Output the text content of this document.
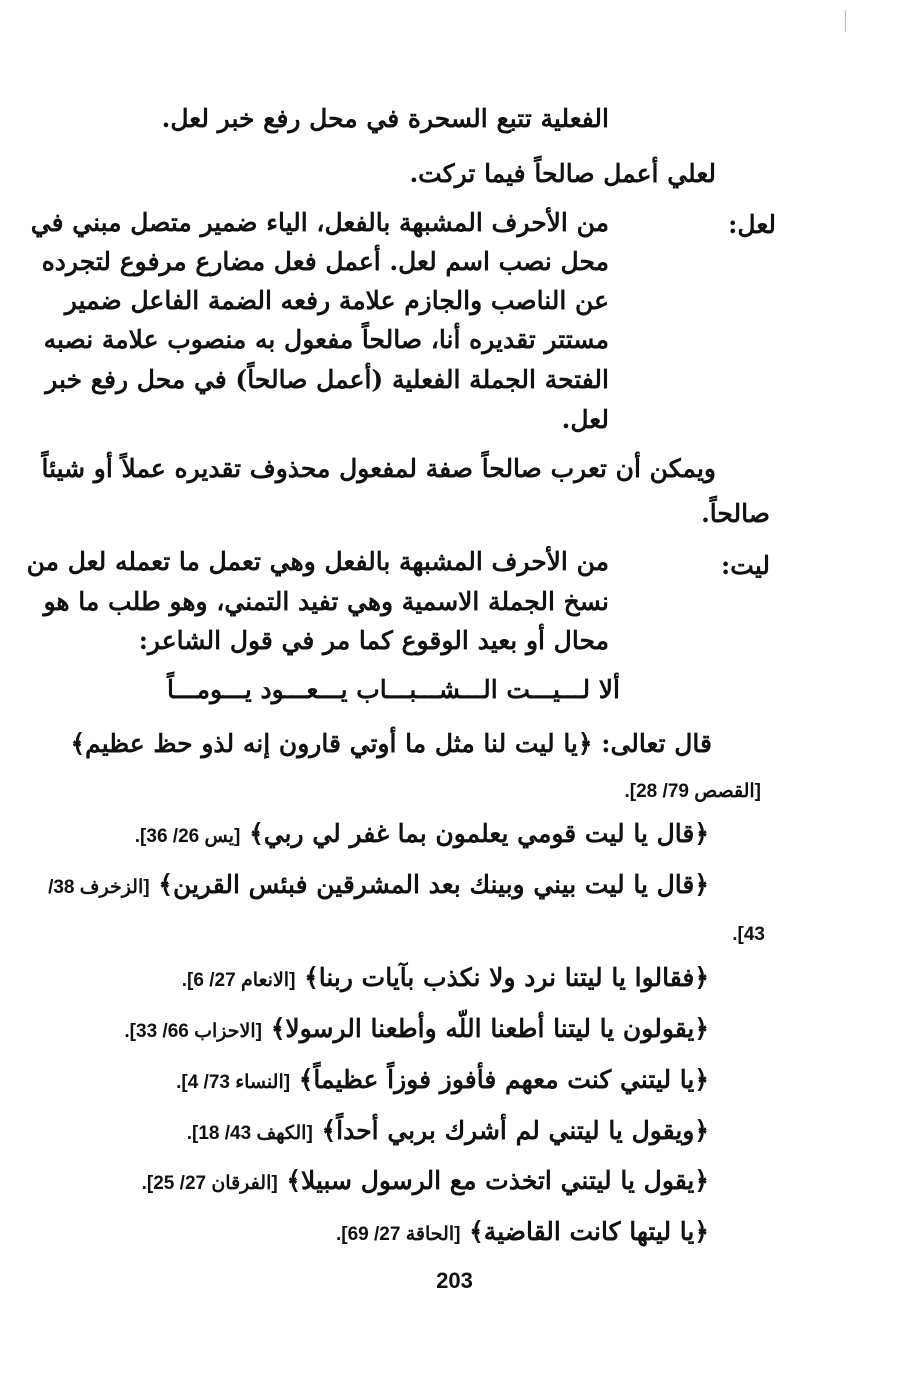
الفعلية تتبع السحرة في محل رفع خبر لعل.
لعلي أعمل صالحاً فيما تركت.
لعل:
من الأحرف المشبهة بالفعل، الياء ضمير متصل مبني في
محل نصب اسم لعل. أعمل فعل مضارع مرفوع لتجرده
عن الناصب والجازم علامة رفعه الضمة الفاعل ضمير
مستتر تقديره أنا، صالحاً مفعول به منصوب علامة نصبه
الفتحة الجملة الفعلية (أعمل صالحاً) في محل رفع خبر
لعل.
ويمكن أن تعرب صالحاً صفة لمفعول محذوف تقديره عملاً أو شيئاً
صالحاً.
ليت:
من الأحرف المشبهة بالفعل وهي تعمل ما تعمله لعل من
نسخ الجملة الاسمية وهي تفيد التمني، وهو طلب ما هو
محال أو بعيد الوقوع كما مر في قول الشاعر:
ألا لـــيـــت الـــشـــبـــاب يـــعـــود يـــومـــاً
قال تعالى: ﴿يا ليت لنا مثل ما أوتي قارون إنه لذو حظ عظيم﴾
[القصص 79/ 28].
﴿قال يا ليت قومي يعلمون بما غفر لي ربي﴾ [يس 26/ 36].
﴿قال يا ليت بيني وبينك بعد المشرقين فبئس القرين﴾ [الزخرف 38/
43].
﴿فقالوا يا ليتنا نرد ولا نكذب بآيات ربنا﴾ [الانعام 27/ 6].
﴿يقولون يا ليتنا أطعنا اللّه وأطعنا الرسولا﴾ [الاحزاب 66/ 33].
﴿يا ليتني كنت معهم فأفوز فوزاً عظيماً﴾ [النساء 73/ 4].
﴿ويقول يا ليتني لم أشرك بربي أحداً﴾ [الكهف 43/ 18].
﴿يقول يا ليتني اتخذت مع الرسول سبيلا﴾ [الفرقان 27/ 25].
﴿يا ليتها كانت القاضية﴾ [الحاقة 27/ 69].
203
